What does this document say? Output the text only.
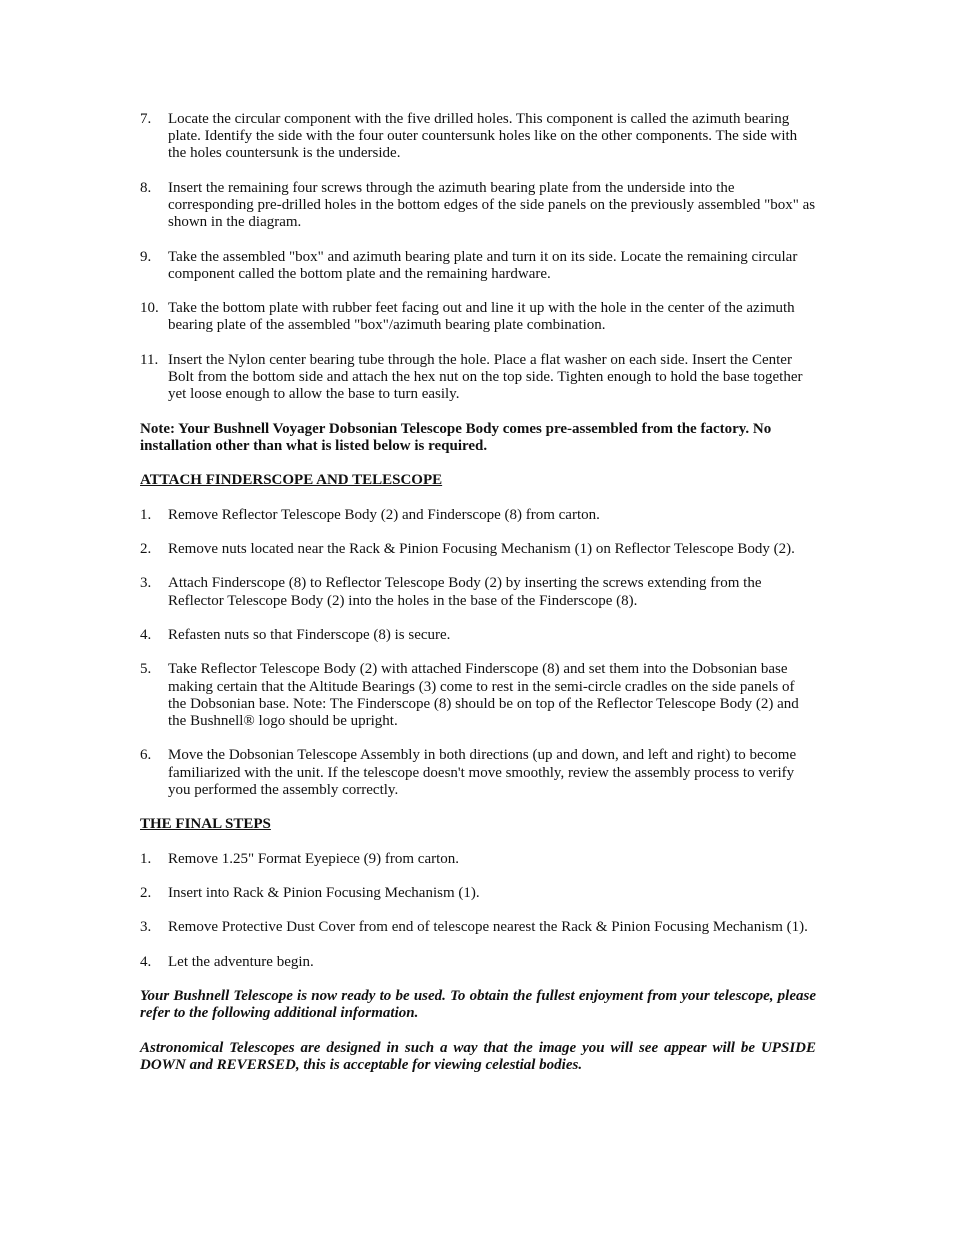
7.	Locate the circular component with the five drilled holes. This component is called the azimuth bearing plate. Identify the side with the four outer countersunk holes like on the other components. The side with the holes countersunk is the underside.
8.	Insert the remaining four screws through the azimuth bearing plate from the underside into the corresponding pre-drilled holes in the bottom edges of the side panels on the previously assembled "box" as shown in the diagram.
9.	Take the assembled "box" and azimuth bearing plate and turn it on its side. Locate the remaining circular component called the bottom plate and the remaining hardware.
10. Take the bottom plate with rubber feet facing out and line it up with the hole in the center of the azimuth bearing plate of the assembled "box"/azimuth bearing plate combination.
11. Insert the Nylon center bearing tube through the hole. Place a flat washer on each side. Insert the Center Bolt from the bottom side and attach the hex nut on the top side. Tighten enough to hold the base together yet loose enough to allow the base to turn easily.
Note: Your Bushnell Voyager Dobsonian Telescope Body comes pre-assembled from the factory. No installation other than what is listed below is required.
ATTACH FINDERSCOPE AND TELESCOPE
1.	Remove Reflector Telescope Body (2) and Finderscope (8) from carton.
2.	Remove nuts located near the Rack & Pinion Focusing Mechanism (1) on Reflector Telescope Body (2).
3.	Attach Finderscope (8) to Reflector Telescope Body (2) by inserting the screws extending from the Reflector Telescope Body (2) into the holes in the base of the Finderscope (8).
4.	Refasten nuts so that Finderscope (8) is secure.
5.	Take Reflector Telescope Body (2) with attached Finderscope (8) and set them into the Dobsonian base making certain that the Altitude Bearings (3) come to rest in the semi-circle cradles on the side panels of the Dobsonian base. Note: The Finderscope (8) should be on top of the Reflector Telescope Body (2) and the Bushnell® logo should be upright.
6.	Move the Dobsonian Telescope Assembly in both directions (up and down, and left and right) to become familiarized with the unit. If the telescope doesn't move smoothly, review the assembly process to verify you performed the assembly correctly.
THE FINAL STEPS
1.	Remove 1.25" Format Eyepiece (9) from carton.
2.	Insert into Rack & Pinion Focusing Mechanism (1).
3.	Remove Protective Dust Cover from end of telescope nearest the Rack & Pinion Focusing Mechanism (1).
4.	Let the adventure begin.
Your Bushnell Telescope is now ready to be used. To obtain the fullest enjoyment from your telescope, please refer to the following additional information.
Astronomical Telescopes are designed in such a way that the image you will see appear will be UPSIDE DOWN and REVERSED, this is acceptable for viewing celestial bodies.
